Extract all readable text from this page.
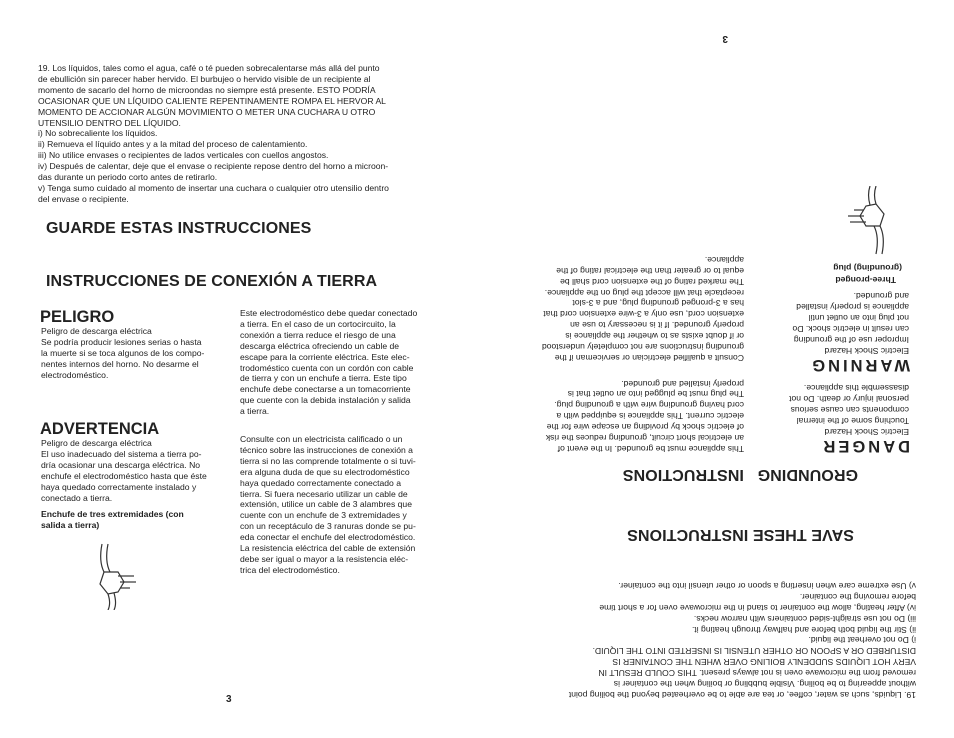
19. Los líquidos, tales como el agua, café o té pueden sobrecalentarse más allá del punto
de ebullición sin parecer haber hervido. El burbujeo o hervido visible de un recipiente al
momento de sacarlo del horno de microondas no siempre está presente. ESTO PODRÍA
OCASIONAR QUE UN LÍQUIDO CALIENTE REPENTINAMENTE ROMPA EL HERVOR AL
MOMENTO DE ACCIONAR ALGÚN MOVIMIENTO O METER UNA CUCHARA U OTRO
UTENSILIO DENTRO DEL LÍQUIDO.
i) No sobrecaliente los líquidos.
ii) Remueva el líquido antes y a la mitad del proceso de calentamiento.
iii) No utilice envases o recipientes de lados verticales con cuellos angostos.
iv) Después de calentar, deje que el envase o recipiente repose dentro del horno a microon-
das durante un periodo corto antes de retirarlo.
v) Tenga sumo cuidado al momento de insertar una cuchara o cualquier otro utensilio dentro
del envase o recipiente.

GUARDE ESTAS INSTRUCCIONES
INSTRUCCIONES DE CONEXIÓN A TIERRA
PELIGRO

Peligro de descarga eléctrica
Se podría producir lesiones serias o hasta
la muerte si se toca algunos de los compo-
nentes internos del horno. No desarme el
electrodoméstico.

ADVERTENCIA

Peligro de descarga eléctrica
El uso inadecuado del sistema a tierra po-
dría ocasionar una descarga eléctrica. No
enchufe el electrodoméstico hasta que éste
haya quedado correctamente instalado y
conectado a tierra.

Enchufe de tres extremidades (con
salida a tierra)

Este electrodoméstico debe quedar conectado
a tierra. En el caso de un cortocircuito, la
conexión a tierra reduce el riesgo de una
descarga eléctrica ofreciendo un cable de
escape para la corriente eléctrica. Este elec-
trodoméstico cuenta con un cordón con cable
de tierra y con un enchufe a tierra. Este tipo
enchufe debe conectarse a un tomacorriente
que cuente con la debida instalación y salida
a tierra.

Consulte con un electricista calificado o un
técnico sobre las instrucciones de conexión a
tierra si no las comprende totalmente o si tuvi-
era alguna duda de que su electrodoméstico
haya quedado correctamente conectado a
tierra. Si fuera necesario utilizar un cable de
extensión, utilice un cable de 3 alambres que
cuente con un enchufe de 3 extremidades y
con un receptáculo de 3 ranuras donde se pu-
eda conectar el enchufe del electrodoméstico.
La resistencia eléctrica del cable de extensión
debe ser igual o mayor a la resistencia eléc-
trica del electrodoméstico.

3	19. Liquids, such as water, coffee, or tea are able to be overheated beyond the boiling point
without appearing to be boiling. Visible bubbling or boiling when the container is
removed from the microwave oven is not always present. THIS COULD RESULT IN
VERY HOT LIQUIDS SUDDENLY BOILING OVER WHEN THE CONTAINER IS
DISTURBED OR A SPOON OR OTHER UTENSIL IS INSERTED INTO THE LIQUID.
i) Do not overheat the liquid.
ii) Stir the liquid both before and halfway through heating it.
iii) Do not use straight-sided containers with narrow necks.
iv) After heating, allow the container to stand in the microwave oven for a short time
before removing the container.
v) Use extreme care when inserting a spoon or other utensil into the container.

SAVE THESE INSTRUCTIONS
GROUNDING   INSTRUCTIONS
DANGER

Electric Shock Hazard
Touching some of the internal
components can cause serious
personal injury or death. Do not
disassemble this appliance.

WARNING

Electric Shock Hazard
Improper use of the grounding
can result in electric shock. Do
not plug into an outlet until
appliance is properly installed
and grounded.

Three-pronged
(grounding) plug

This appliance must be grounded. In the event of
an electrical short circuit, grounding reduces the risk
of electric shock by providing an escape wire for the
electric current. This appliance is equipped with a
cord having grounding wire with a grounding plug.
The plug must be plugged into an outlet that is
properly installed and grounded.

Consult a qualified electrician or serviceman if the
grounding instructions are not completely understood
or if doubt exists as to whether the appliance is
properly grounded. If it is necessary to use an
extension cord, use only a 3-wire extension cord that
has a 3-pronged grounding plug, and a 3-slot
receptacle that will accept the plug on the appliance.
The marked rating of the extension cord shall be
equal to or greater than the electrical rating of the
appliance.

3
